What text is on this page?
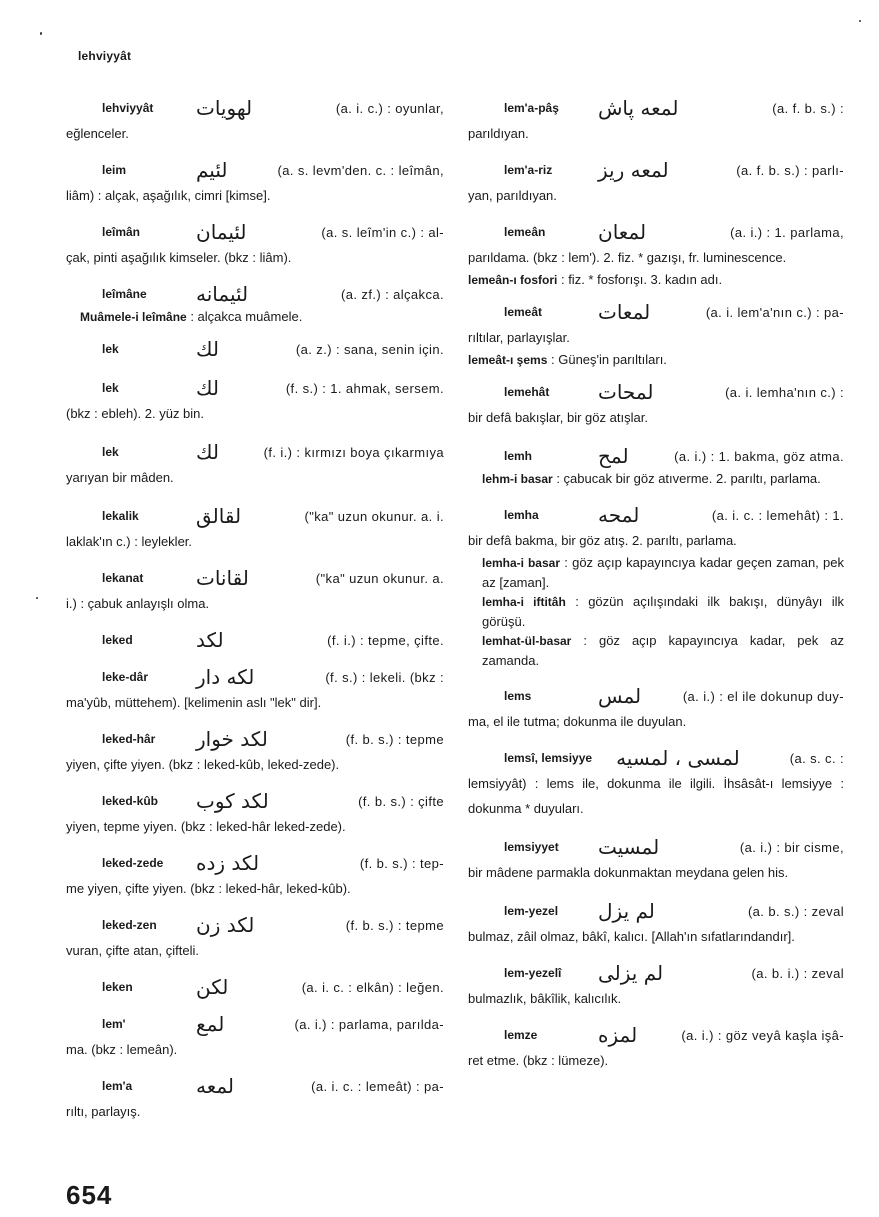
lehviyyât
lehviyyât	لهويات	(a. i. c.) : oyunlar,
eğlenceler.
leim	لئيم	(a. s. levm'den. c. : leîmân,
liâm) : alçak, aşağılık, cimri [kimse].
leîmân	لئيمان	(a. s. leîm'in c.) : al-
çak, pinti aşağılık kimseler. (bkz : liâm).
leîmâne	لئيمانه	(a. zf.) : alçakca.
Muâmele-i leîmâne : alçakca muâmele.
lek	لك	(a. z.) : sana, senin için.
lek	لك	(f. s.) : 1. ahmak, sersem.
(bkz : ebleh). 2. yüz bin.
lek	لك	(f. i.) : kırmızı boya çıkarmıya
yarıyan bir mâden.
lekalik	لقالق	("ka" uzun okunur. a. i.
laklak'ın c.) : leylekler.
lekanat	لقانات	("ka" uzun okunur. a.
i.) : çabuk anlayışlı olma.
leked	لكد	(f. i.) : tepme, çifte.
leke-dâr	لكه دار	(f. s.) : lekeli. (bkz :
ma'yûb, müttehem). [kelimenin aslı "lek" dir].
leked-hâr	لكد خوار	(f. b. s.) : tepme
yiyen, çifte yiyen. (bkz : leked-kûb, leked-zede).
leked-kûb	لكد كوب	(f. b. s.) : çifte
yiyen, tepme yiyen. (bkz : leked-hâr leked-zede).
leked-zede	لكد زده	(f. b. s.) : tep-
me yiyen, çifte yiyen. (bkz : leked-hâr, leked-kûb).
leked-zen	لكد زن	(f. b. s.) : tepme
vuran, çifte atan, çifteli.
leken	لكن	(a. i. c. : elkân) : leğen.
lem'	لمع	(a. i.) : parlama, parılda-
ma. (bkz : lemeân).
lem'a	لمعه	(a. i. c. : lemeât) : pa-
rıltı, parlayış.
lem'a-pâş	لمعه پاش	(a. f. b. s.) :
parıldıyan.
lem'a-riz	لمعه ريز	(a. f. b. s.) : parlı-
yan, parıldıyan.
lemeân	لمعان	(a. i.) : 1. parlama,
parıldama. (bkz : lem'). 2. fiz. * gazışı, fr. luminescence.
lemeân-ı fosfori : fiz. * fosforışı. 3. kadın adı.
lemeât	لمعات	(a. i. lem'a'nın c.) : pa-
rıltılar, parlayışlar.
lemeât-ı şems : Güneş'in parıltıları.
lemehât	لمحات	(a. i. lemha'nın c.) :
bir defâ bakışlar, bir göz atışlar.
lemh	لمح	(a. i.) : 1. bakma, göz atma.
lehm-i basar : çabucak bir göz atıverme. 2. parıltı, parlama.
lemha	لمحه	(a. i. c. : lemehât) : 1.
bir defâ bakma, bir göz atış. 2. parıltı, parlama.
lemha-i basar : göz açıp kapayıncıya kadar geçen zaman, pek az [zaman].
lemha-i iftitâh : gözün açılışındaki ilk bakışı, dünyâyı ilk görüşü.
lemhat-ül-basar : göz açıp kapayıncıya kadar, pek az zamanda.
lems	لمس	(a. i.) : el ile dokunup duy-
ma, el ile tutma; dokunma ile duyulan.
lemsî, lemsiyye	لمسى ، لمسيه	(a. s. c. :
lemsiyyât) : lems ile, dokunma ile ilgili. İhsâsât-ı lemsiyye : dokunma * duyuları.
lemsiyyet	لمسيت	(a. i.) : bir cisme,
bir mâdene parmakla dokunmaktan meydana gelen his.
lem-yezel	لم يزل	(a. b. s.) : zeval
bulmaz, zâil olmaz, bâkî, kalıcı. [Allah'ın sıfatlarındandır].
lem-yezelî	لم يزلى	(a. b. i.) : zeval
bulmazlık, bâkîlik, kalıcılık.
lemze	لمزه	(a. i.) : göz veyâ kaşla işâ-
ret etme. (bkz : lümeze).
654
